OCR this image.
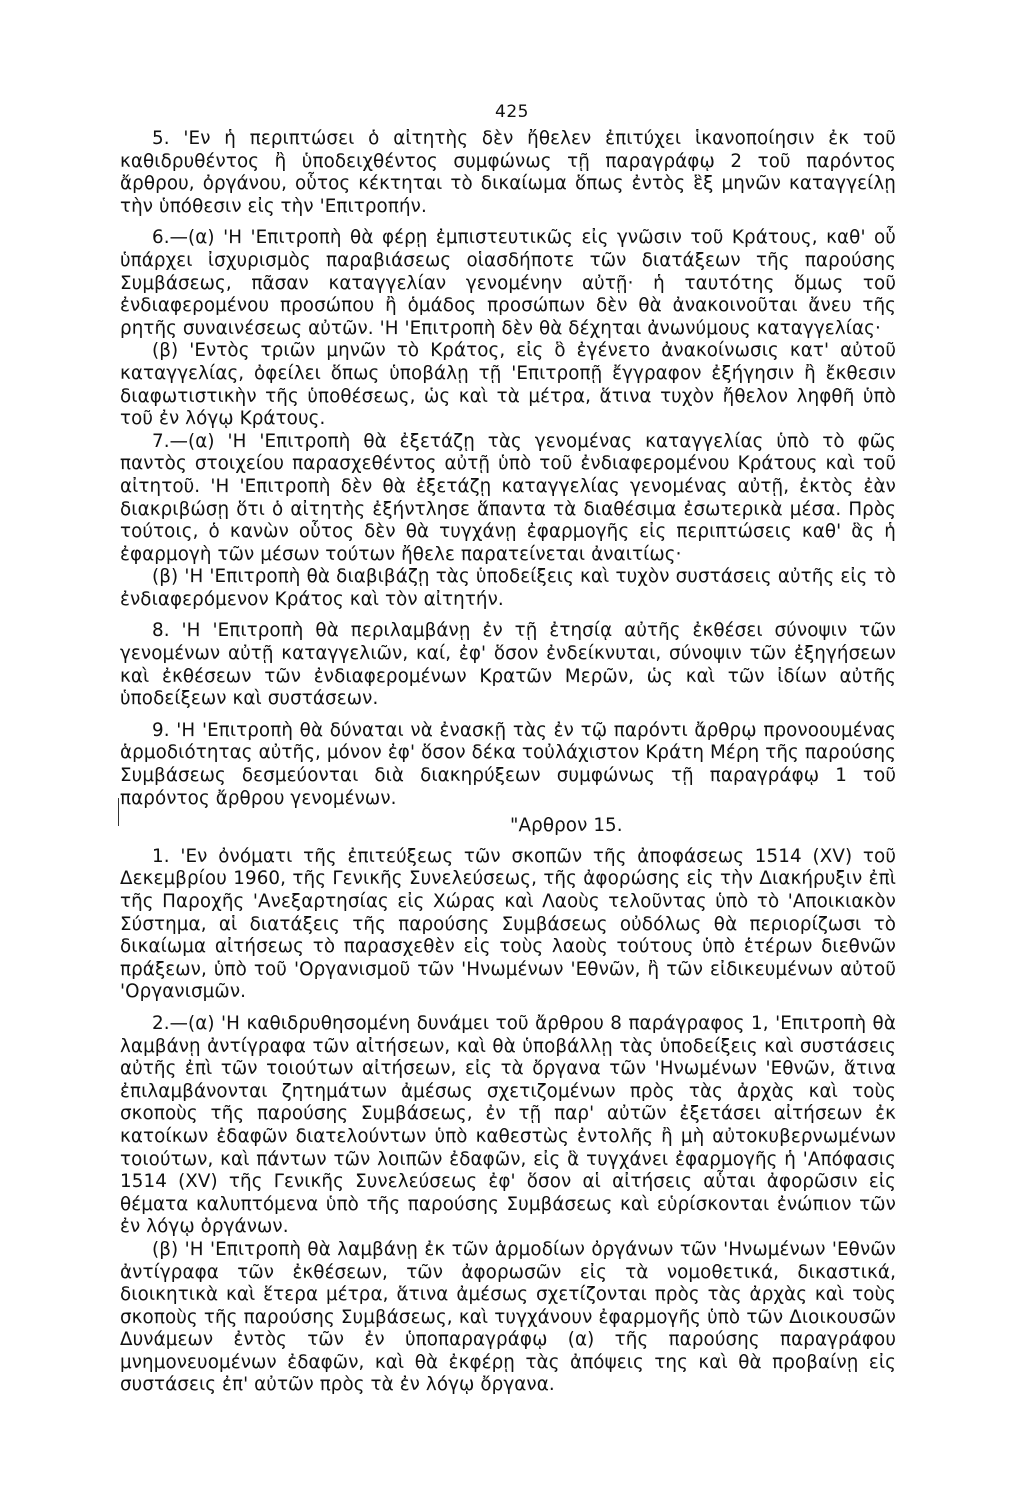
425

5. 'Εν ἡ περιπτώσει ὁ αἰτητὴς δὲν ἤθελεν ἐπιτύχει ἱκανοποίησιν ἐκ τοῦ καθιδρυθέντος ἢ ὑποδειχθέντος συμφώνως τῇ παραγράφῳ 2 τοῦ παρόντος ἄρθρου, ὀργάνου, οὗτος κέκτηται τὸ δικαίωμα ὅπως ἐντὸς ἓξ μηνῶν καταγγείλῃ τὴν ὑπόθεσιν εἰς τὴν 'Επιτροπήν.

6.—(α) 'Η 'Επιτροπὴ θὰ φέρῃ ἐμπιστευτικῶς εἰς γνῶσιν τοῦ Κράτους, καθ' οὗ ὑπάρχει ἰσχυρισμὸς παραβιάσεως οἱασδήποτε τῶν διατάξεων τῆς παρούσης Συμβάσεως, πᾶσαν καταγγελίαν γενομένην αὐτῇ· ἡ ταυτότης ὅμως τοῦ ἐνδιαφερομένου προσώπου ἢ ὁμάδος προσώπων δὲν θὰ ἀνακοινοῦται ἄνευ τῆς ρητῆς συναινέσεως αὐτῶν. 'Η 'Επιτροπὴ δὲν θὰ δέχηται ἀνωνύμους καταγγελίας·

(β) 'Εντὸς τριῶν μηνῶν τὸ Κράτος, εἰς ὃ ἐγένετο ἀνακοίνωσις κατ' αὐτοῦ καταγγελίας, ὀφείλει ὅπως ὑποβάλῃ τῇ 'Επιτροπῇ ἔγγραφον ἐξήγησιν ἢ ἔκθεσιν διαφωτιστικὴν τῆς ὑποθέσεως, ὡς καὶ τὰ μέτρα, ἅτινα τυχὸν ἤθελον ληφθῆ ὑπὸ τοῦ ἐν λόγῳ Κράτους.

7.—(α) 'Η 'Επιτροπὴ θὰ ἐξετάζῃ τὰς γενομένας καταγγελίας ὑπὸ τὸ φῶς παντὸς στοιχείου παρασχεθέντος αὐτῇ ὑπὸ τοῦ ἐνδιαφερομένου Κράτους καὶ τοῦ αἰτητοῦ. 'Η 'Επιτροπὴ δὲν θὰ ἐξετάζῃ καταγγελίας γενομένας αὐτῇ, ἐκτὸς ἐὰν διακριβώσῃ ὅτι ὁ αἰτητὴς ἐξήντλησε ἅπαντα τὰ διαθέσιμα ἐσωτερικὰ μέσα. Πρὸς τούτοις, ὁ κανὼν οὗτος δὲν θὰ τυγχάνῃ ἐφαρμογῆς εἰς περιπτώσεις καθ' ἃς ἡ ἐφαρμογὴ τῶν μέσων τούτων ἤθελε παρατείνεται ἀναιτίως·

(β) 'Η 'Επιτροπὴ θὰ διαβιβάζῃ τὰς ὑποδείξεις καὶ τυχὸν συστάσεις αὐτῆς εἰς τὸ ἐνδιαφερόμενον Κράτος καὶ τὸν αἰτητήν.

8. 'Η 'Επιτροπὴ θὰ περιλαμβάνῃ ἐν τῇ ἐτησίᾳ αὐτῆς ἐκθέσει σύνοψιν τῶν γενομένων αὐτῇ καταγγελιῶν, καί, ἐφ' ὅσον ἐνδείκνυται, σύνοψιν τῶν ἐξηγήσεων καὶ ἐκθέσεων τῶν ἐνδιαφερομένων Κρατῶν Μερῶν, ὡς καὶ τῶν ἰδίων αὐτῆς ὑποδείξεων καὶ συστάσεων.

9. 'Η 'Επιτροπὴ θὰ δύναται νὰ ἐνασκῇ τὰς ἐν τῷ παρόντι ἄρθρῳ προνοουμένας ἁρμοδιότητας αὐτῆς, μόνον ἐφ' ὅσον δέκα τοὐλάχιστον Κράτη Μέρη τῆς παρούσης Συμβάσεως δεσμεύονται διὰ διακηρύξεων συμφώνως τῇ παραγράφῳ 1 τοῦ παρόντος ἄρθρου γενομένων.

"Αρθρον 15.

1. 'Εν ὀνόματι τῆς ἐπιτεύξεως τῶν σκοπῶν τῆς ἀποφάσεως 1514 (XV) τοῦ Δεκεμβρίου 1960, τῆς Γενικῆς Συνελεύσεως, τῆς ἀφορώσης εἰς τὴν Διακήρυξιν ἐπὶ τῆς Παροχῆς 'Ανεξαρτησίας εἰς Χώρας καὶ Λαοὺς τελοῦντας ὑπὸ τὸ 'Αποικιακὸν Σύστημα, αἱ διατάξεις τῆς παρούσης Συμβάσεως οὐδόλως θὰ περιορίζωσι τὸ δικαίωμα αἰτήσεως τὸ παρασχεθὲν εἰς τοὺς λαοὺς τούτους ὑπὸ ἑτέρων διεθνῶν πράξεων, ὑπὸ τοῦ 'Οργανισμοῦ τῶν 'Ηνωμένων 'Εθνῶν, ἢ τῶν εἰδικευμένων αὐτοῦ 'Οργανισμῶν.

2.—(α) 'Η καθιδρυθησομένη δυνάμει τοῦ ἄρθρου 8 παράγραφος 1, 'Επιτροπὴ θὰ λαμβάνῃ ἀντίγραφα τῶν αἰτήσεων, καὶ θὰ ὑποβάλλῃ τὰς ὑποδείξεις καὶ συστάσεις αὐτῆς ἐπὶ τῶν τοιούτων αἰτήσεων, εἰς τὰ ὄργανα τῶν 'Ηνωμένων 'Εθνῶν, ἅτινα ἐπιλαμβάνονται ζητημάτων ἀμέσως σχετιζομένων πρὸς τὰς ἀρχὰς καὶ τοὺς σκοποὺς τῆς παρούσης Συμβάσεως, ἐν τῇ παρ' αὐτῶν ἐξετάσει αἰτήσεων ἐκ κατοίκων ἐδαφῶν διατελούντων ὑπὸ καθεστὼς ἐντολῆς ἢ μὴ αὐτοκυβερνωμένων τοιούτων, καὶ πάντων τῶν λοιπῶν ἐδαφῶν, εἰς ἃ τυγχάνει ἐφαρμογῆς ἡ 'Απόφασις 1514 (XV) τῆς Γενικῆς Συνελεύσεως ἐφ' ὅσον αἱ αἰτήσεις αὗται ἀφορῶσιν εἰς θέματα καλυπτόμενα ὑπὸ τῆς παρούσης Συμβάσεως καὶ εὑρίσκονται ἐνώπιον τῶν ἐν λόγῳ ὀργάνων.

(β) 'Η 'Επιτροπὴ θὰ λαμβάνῃ ἐκ τῶν ἁρμοδίων ὀργάνων τῶν 'Ηνωμένων 'Εθνῶν ἀντίγραφα τῶν ἐκθέσεων, τῶν ἀφορωσῶν εἰς τὰ νομοθετικά, δικαστικά, διοικητικὰ καὶ ἕτερα μέτρα, ἅτινα ἀμέσως σχετίζονται πρὸς τὰς ἀρχὰς καὶ τοὺς σκοποὺς τῆς παρούσης Συμβάσεως, καὶ τυγχάνουν ἐφαρμογῆς ὑπὸ τῶν Διοικουσῶν Δυνάμεων ἐντὸς τῶν ἐν ὑποπαραγράφῳ (α) τῆς παρούσης παραγράφου μνημονευομένων ἐδαφῶν, καὶ θὰ ἐκφέρῃ τὰς ἀπόψεις της καὶ θὰ προβαίνῃ εἰς συστάσεις ἐπ' αὐτῶν πρὸς τὰ ἐν λόγῳ ὄργανα.
